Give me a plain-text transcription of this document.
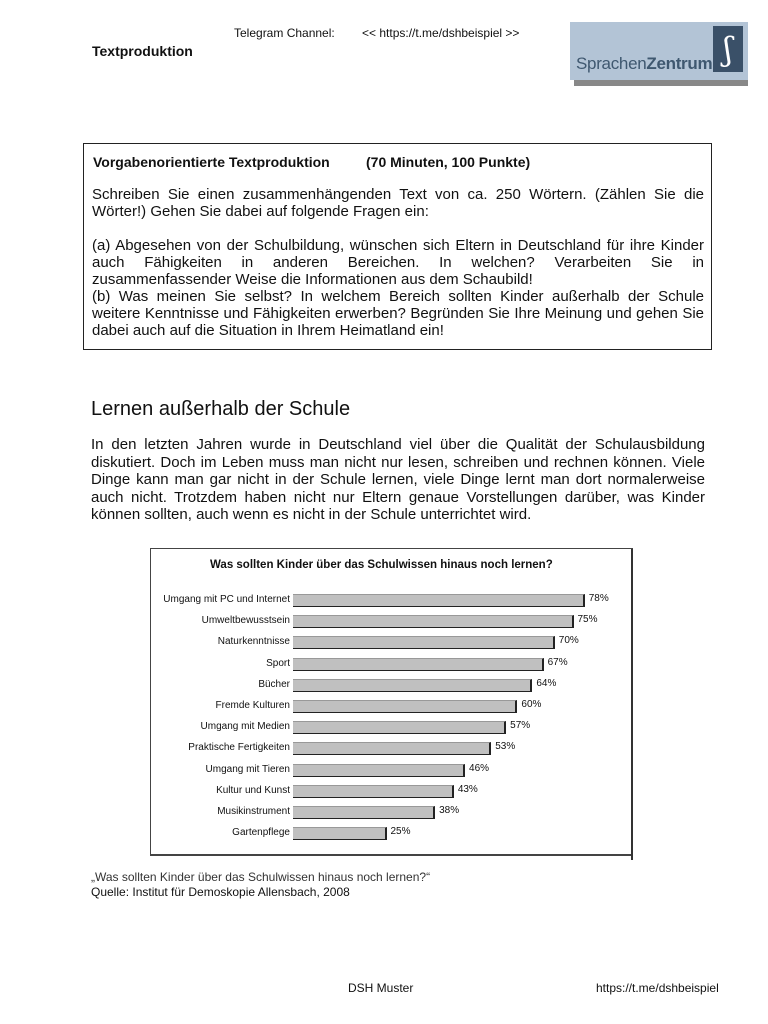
Telegram Channel: << https://t.me/dshbeispiel >>
Textproduktion
SprachenZentrum ʃ
Vorgabenorientierte Textproduktion	(70 Minuten, 100 Punkte)

Schreiben Sie einen zusammenhängenden Text von ca. 250 Wörtern. (Zählen Sie die Wörter!) Gehen Sie dabei auf folgende Fragen ein:

(a) Abgesehen von der Schulbildung, wünschen sich Eltern in Deutschland für ihre Kinder auch Fähigkeiten in anderen Bereichen. In welchen? Verarbeiten Sie in zusammenfassender Weise die Informationen aus dem Schaubild!

(b) Was meinen Sie selbst? In welchem Bereich sollten Kinder außerhalb der Schule weitere Kenntnisse und Fähigkeiten erwerben? Begründen Sie Ihre Meinung und gehen Sie dabei auch auf die Situation in Ihrem Heimatland ein!

Lernen außerhalb der Schule

In den letzten Jahren wurde in Deutschland viel über die Qualität der Schulausbildung diskutiert. Doch im Leben muss man nicht nur lesen, schreiben und rechnen können. Viele Dinge kann man gar nicht in der Schule lernen, viele Dinge lernt man dort normalerweise auch nicht. Trotzdem haben nicht nur Eltern genaue Vorstellungen darüber, was Kinder können sollten, auch wenn es nicht in der Schule unterrichtet wird.

Was sollten Kinder über das Schulwissen hinaus noch lernen?
Umgang mit PC und Internet	78%
Umweltbewusstsein	75%
Naturkenntnisse	70%
Sport	67%
Bücher	64%
Fremde Kulturen	60%
Umgang mit Medien	57%
Praktische Fertigkeiten	53%
Umgang mit Tieren	46%
Kultur und Kunst	43%
Musikinstrument	38%
Gartenpflege	25%
„Was sollten Kinder über das Schulwissen hinaus noch lernen?“
Quelle: Institut für Demoskopie Allensbach, 2008
DSH Muster	https://t.me/dshbeispiel
